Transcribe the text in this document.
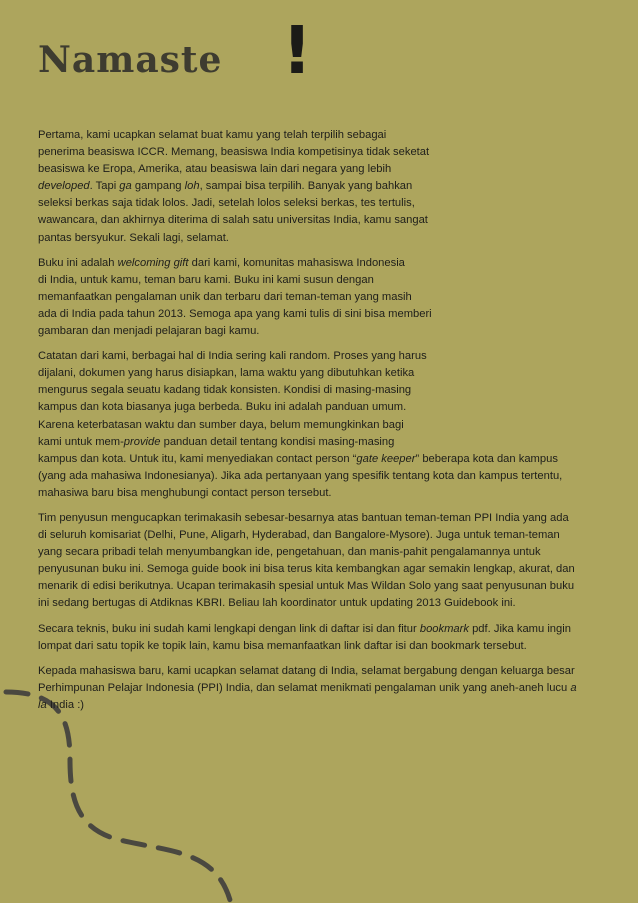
Namaste !

Pertama, kami ucapkan selamat buat kamu yang telah terpilih sebagai
penerima beasiswa ICCR. Memang, beasiswa India kompetisinya tidak seketat
beasiswa ke Eropa, Amerika, atau beasiswa lain dari negara yang lebih
developed. Tapi ga gampang loh, sampai bisa terpilih. Banyak yang bahkan
seleksi berkas saja tidak lolos. Jadi, setelah lolos seleksi berkas, tes tertulis,
wawancara, dan akhirnya diterima di salah satu universitas India, kamu sangat
pantas bersyukur. Sekali lagi, selamat.

Buku ini adalah welcoming gift dari kami, komunitas mahasiswa Indonesia
di India, untuk kamu, teman baru kami. Buku ini kami susun dengan
memanfaatkan pengalaman unik dan terbaru dari teman-teman yang masih
ada di India pada tahun 2013. Semoga apa yang kami tulis di sini bisa memberi
gambaran dan menjadi pelajaran bagi kamu.

Catatan dari kami, berbagai hal di India sering kali random. Proses yang harus
dijalani, dokumen yang harus disiapkan, lama waktu yang dibutuhkan ketika
mengurus segala seuatu kadang tidak konsisten. Kondisi di masing-masing
kampus dan kota biasanya juga berbeda. Buku ini adalah panduan umum.
Karena keterbatasan waktu dan sumber daya, belum memungkinkan bagi
kami untuk mem-provide panduan detail tentang kondisi masing-masing
kampus dan kota. Untuk itu, kami menyediakan contact person “gate keeper” beberapa kota dan kampus
(yang ada mahasiwa Indonesianya). Jika ada pertanyaan yang spesifik tentang kota dan kampus tertentu,
mahasiwa baru bisa menghubungi contact person tersebut.

Tim penyusun mengucapkan terimakasih sebesar-besarnya atas bantuan teman-teman PPI India yang ada
di seluruh komisariat (Delhi, Pune, Aligarh, Hyderabad, dan Bangalore-Mysore). Juga untuk teman-teman
yang secara pribadi telah menyumbangkan ide, pengetahuan, dan manis-pahit pengalamannya untuk
penyusunan buku ini. Semoga guide book ini bisa terus kita kembangkan agar semakin lengkap, akurat, dan
menarik di edisi berikutnya. Ucapan terimakasih spesial untuk Mas Wildan Solo yang saat penyusunan buku
ini sedang bertugas di Atdiknas KBRI. Beliau lah koordinator untuk updating 2013 Guidebook ini.

Secara teknis, buku ini sudah kami lengkapi dengan link di daftar isi dan fitur bookmark pdf. Jika kamu ingin
lompat dari satu topik ke topik lain, kamu bisa memanfaatkan link daftar isi dan bookmark tersebut.

Kepada mahasiswa baru, kami ucapkan selamat datang di India, selamat bergabung dengan keluarga besar
Perhimpunan Pelajar Indonesia (PPI) India, dan selamat menikmati pengalaman unik yang aneh-aneh lucu a
la India :)
